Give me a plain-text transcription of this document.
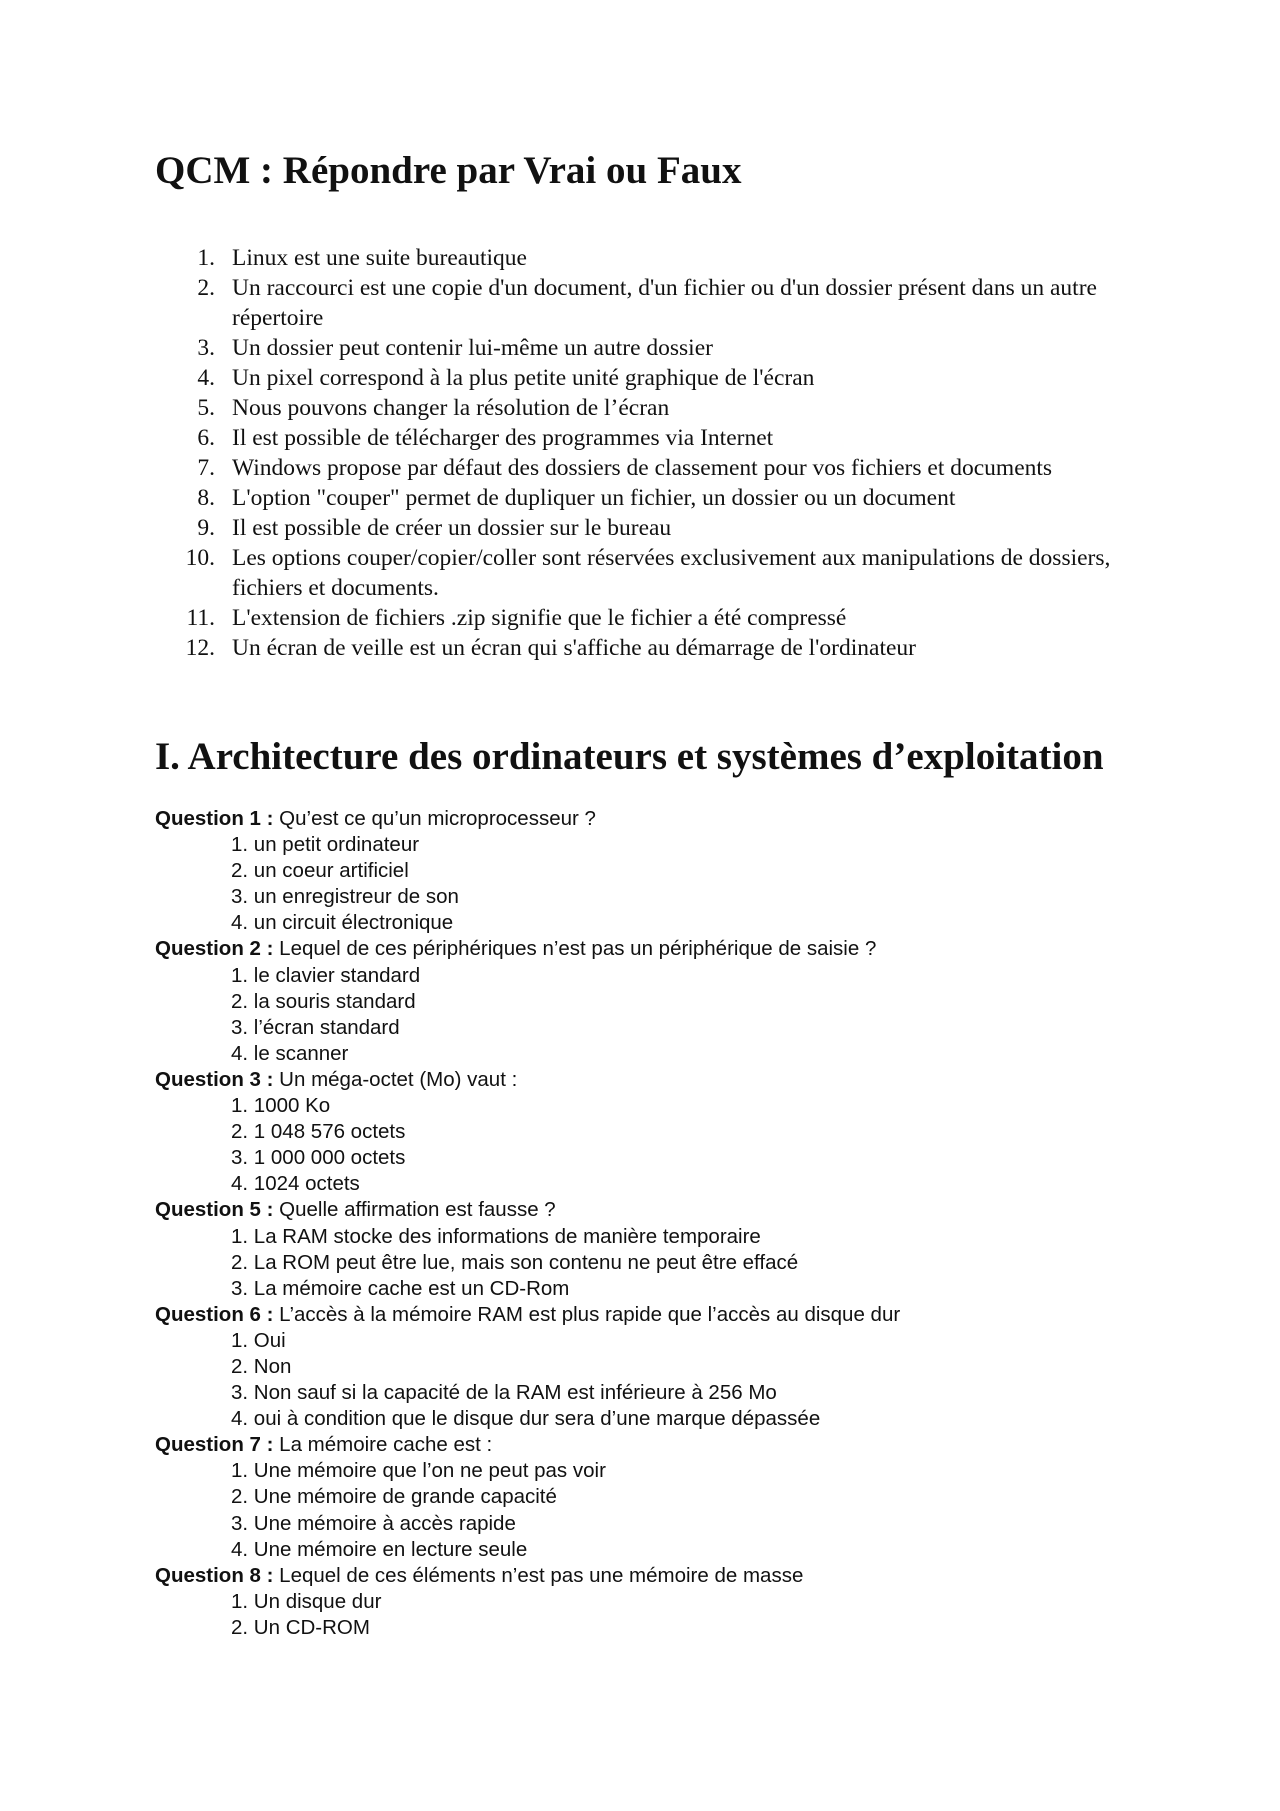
QCM : Répondre par Vrai ou Faux
1. Linux est une suite bureautique
2. Un raccourci est une copie d'un document, d'un fichier ou d'un dossier présent dans un autre répertoire
3. Un dossier peut contenir lui-même un autre dossier
4. Un pixel correspond à la plus petite unité graphique de l'écran
5. Nous pouvons changer la résolution de l’écran
6. Il est possible de télécharger des programmes via Internet
7. Windows propose par défaut des dossiers de classement pour vos fichiers et documents
8. L'option "couper" permet de dupliquer un fichier, un dossier ou un document
9. Il est possible de créer un dossier sur le bureau
10. Les options couper/copier/coller sont réservées exclusivement aux manipulations de dossiers, fichiers et documents.
11. L'extension de fichiers .zip signifie que le fichier a été compressé
12. Un écran de veille est un écran qui s'affiche au démarrage de l'ordinateur
I. Architecture des ordinateurs et systèmes d’exploitation
Question 1 : Qu’est ce qu’un microprocesseur ?
1. un petit ordinateur
2. un coeur artificiel
3. un enregistreur de son
4. un circuit électronique
Question 2 : Lequel de ces périphériques n’est pas un périphérique de saisie ?
1. le clavier standard
2. la souris standard
3. l’écran standard
4. le scanner
Question 3 : Un méga-octet (Mo) vaut :
1. 1000 Ko
2. 1 048 576 octets
3. 1 000 000 octets
4. 1024 octets
Question 5 : Quelle affirmation est fausse ?
1. La RAM stocke des informations de manière temporaire
2. La ROM peut être lue, mais son contenu ne peut être effacé
3. La mémoire cache est un CD-Rom
Question 6 : L’accès à la mémoire RAM est plus rapide que l’accès au disque dur
1. Oui
2. Non
3. Non sauf si la capacité de la RAM est inférieure à 256 Mo
4. oui à condition que le disque dur sera d’une marque dépassée
Question 7 : La mémoire cache est :
1. Une mémoire que l’on ne peut pas voir
2. Une mémoire de grande capacité
3. Une mémoire à accès rapide
4. Une mémoire en lecture seule
Question 8 : Lequel de ces éléments n’est pas une mémoire de masse
1. Un disque dur
2. Un CD-ROM
